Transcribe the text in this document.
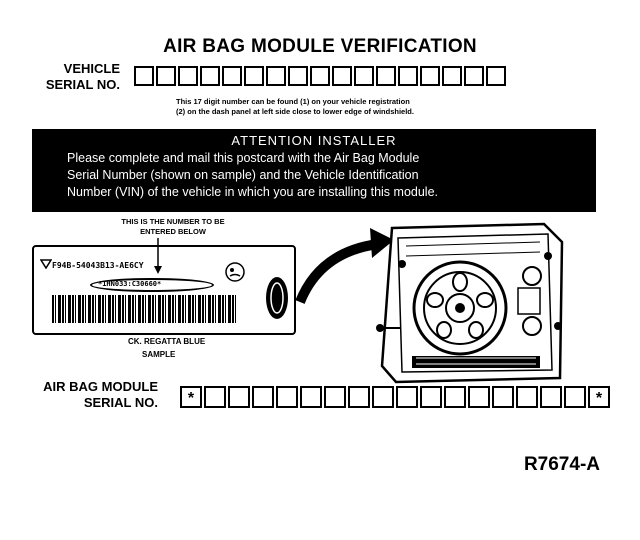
AIR BAG MODULE VERIFICATION
VEHICLE
SERIAL NO.
This 17 digit number can be found (1) on your vehicle registration
(2) on the dash panel at left side close to lower edge of windshield.
ATTENTION INSTALLER
Please complete and mail this postcard with the Air Bag Module
Serial Number (shown on sample) and the Vehicle Identification
Number (VIN) of the vehicle in which you are installing this module.
THIS IS THE NUMBER TO BE
ENTERED BELOW
F94B-54043B13-AE6CY
*1HN033:C30660*
CK. REGATTA BLUE
SAMPLE
AIR BAG MODULE
SERIAL NO.	*	*
R7674-A
